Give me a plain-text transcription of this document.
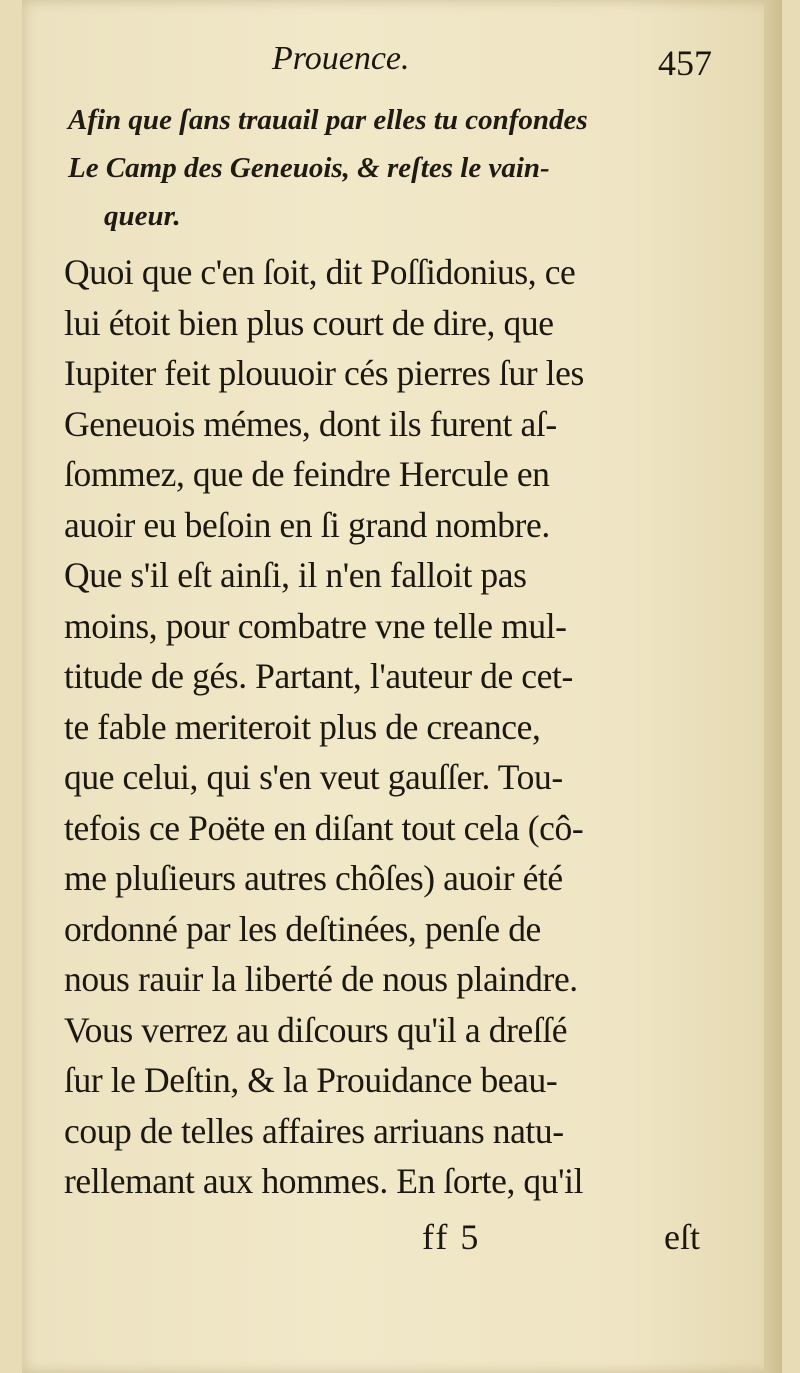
Prouence.	457
Afin que ſans trauail par elles tu confondes
Le Camp des Geneuois, & reſtes le vain-
queur.
Quoi que c'en ſoit, dit Poſſidonius, ce
lui étoit bien plus court de dire, que
Iupiter feit plouuoir cés pierres ſur les
Geneuois mémes, dont ils furent aſ-
ſommez, que de feindre Hercule en
auoir eu beſoin en ſi grand nombre.
Que s'il eſt ainſi, il n'en falloit pas
moins, pour combatre vne telle mul-
titude de gés. Partant, l'auteur de cet-
te fable meriteroit plus de creance,
que celui, qui s'en veut gauſſer. Tou-
tefois ce Poëte en diſant tout cela (cô-
me pluſieurs autres chôſes) auoir été
ordonné par les deſtinées, penſe de
nous rauir la liberté de nous plaindre.
Vous verrez au diſcours qu'il a dreſſé
ſur le Deſtin, & la Prouidance beau-
coup de telles affaires arriuans natu-
rellemant aux hommes. En ſorte, qu'il
ff 5	eſt
